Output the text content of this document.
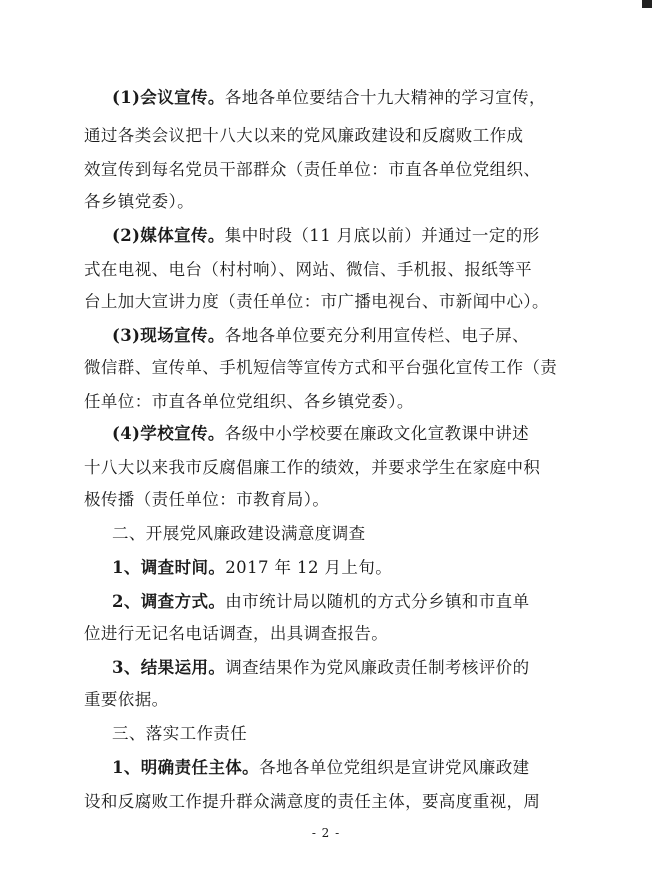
(1)会议宣传。各地各单位要结合十九大精神的学习宣传，
通过各类会议把十八大以来的党风廉政建设和反腐败工作成
效宣传到每名党员干部群众（责任单位：市直各单位党组织、
各乡镇党委）。
(2)媒体宣传。集中时段（11 月底以前）并通过一定的形
式在电视、电台（村村响）、网站、微信、手机报、报纸等平
台上加大宣讲力度（责任单位：市广播电视台、市新闻中心）。
(3)现场宣传。各地各单位要充分利用宣传栏、电子屏、
微信群、宣传单、手机短信等宣传方式和平台强化宣传工作（责
任单位：市直各单位党组织、各乡镇党委）。
(4)学校宣传。各级中小学校要在廉政文化宣教课中讲述
十八大以来我市反腐倡廉工作的绩效，并要求学生在家庭中积
极传播（责任单位：市教育局）。
二、开展党风廉政建设满意度调查
1、调查时间。2017 年 12 月上旬。
2、调查方式。由市统计局以随机的方式分乡镇和市直单
位进行无记名电话调查，出具调查报告。
3、结果运用。调查结果作为党风廉政责任制考核评价的
重要依据。
三、落实工作责任
1、明确责任主体。各地各单位党组织是宣讲党风廉政建
设和反腐败工作提升群众满意度的责任主体，要高度重视，周
- 2 -
